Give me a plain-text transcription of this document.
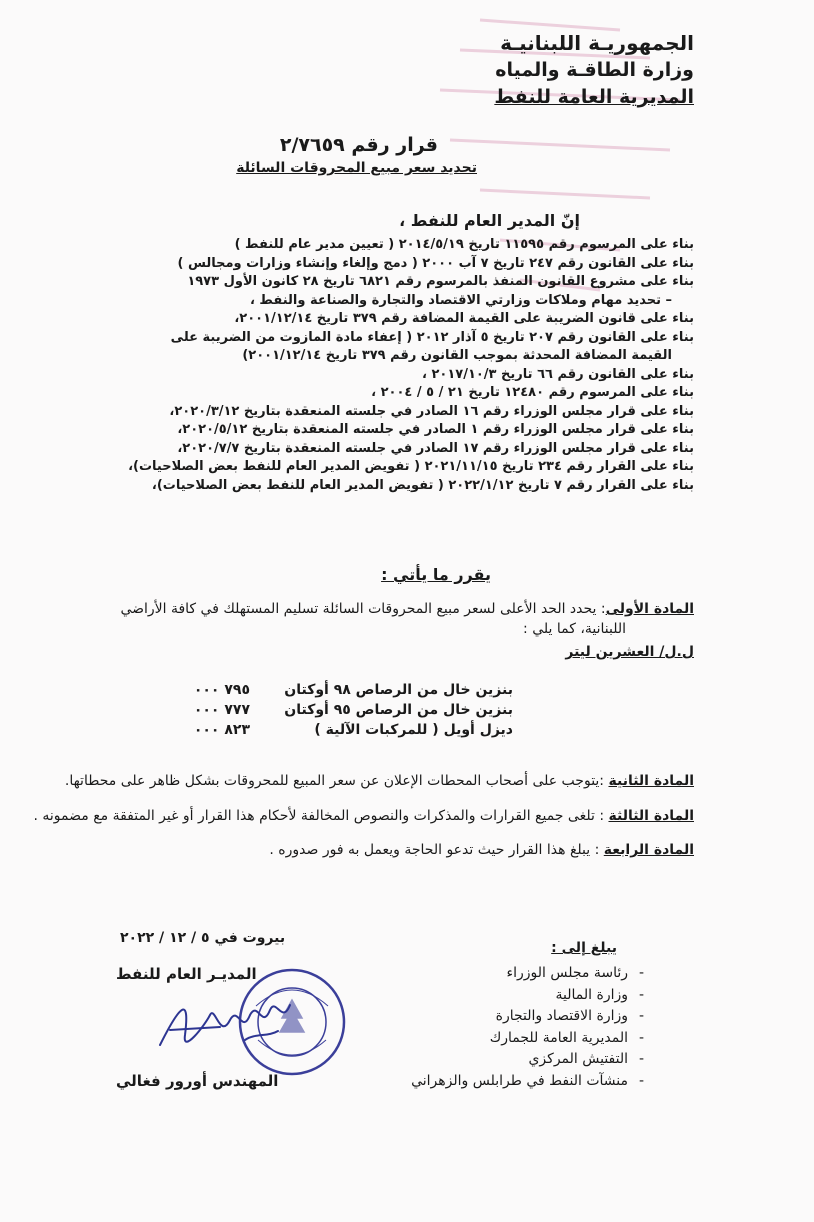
الجمهوريـة اللبنانيـة
وزارة الطاقـة والمياه
المديرية العامة للنفط
قرار رقم ٢/٧٦٥٩
تحديد سعر مبيع المحروقات السائلة
إنّ المدير العام للنفط ،
بناء على المرسوم رقم ١١٥٩٥ تاريخ ٢٠١٤/٥/١٩ ( تعيين مدير عام للنفط )
بناء على القانون رقم ٢٤٧ تاريخ ٧ آب ٢٠٠٠ ( دمج وإلغاء وإنشاء وزارات ومجالس )
بناء على مشروع القانون المنفذ بالمرسوم رقم ٦٨٢١ تاريخ ٢٨ كانون الأول ١٩٧٣
– تحديد مهام وملاكات وزارتي الاقتصاد والتجارة والصناعة والنفط ،
بناء على قانون الضريبة على القيمة المضافة رقم ٣٧٩ تاريخ ٢٠٠١/١٢/١٤،
بناء على القانون رقم ٢٠٧ تاريخ ٥ آذار ٢٠١٢ ( إعفاء مادة المازوت من الضريبة على
القيمة المضافة المحدثة بموجب القانون رقم ٣٧٩ تاريخ ٢٠٠١/١٢/١٤)
بناء على القانون رقم ٦٦ تاريخ ٢٠١٧/١٠/٣ ،
بناء على المرسوم رقم ١٢٤٨٠ تاريخ ٢١ / ٥ / ٢٠٠٤ ،
بناء على قرار مجلس الوزراء رقم ١٦ الصادر في جلسته المنعقدة بتاريخ ٢٠٢٠/٣/١٢،
بناء على قرار مجلس الوزراء رقم ١ الصادر في جلسته المنعقدة بتاريخ ٢٠٢٠/٥/١٢،
بناء على قرار مجلس الوزراء رقم ١٧ الصادر في جلسته المنعقدة بتاريخ ٢٠٢٠/٧/٧،
بناء على القرار رقم ٢٣٤ تاريخ ٢٠٢١/١١/١٥ ( تفويض المدير العام للنفط بعض الصلاحيات)،
بناء على القرار رقم ٧ تاريخ ٢٠٢٢/١/١٢ ( تفويض المدير العام للنفط بعض الصلاحيات)،
يقرر ما يأتي :
المادة الأولى: يحدد الحد الأعلى لسعر مبيع المحروقات السائلة تسليم المستهلك في كافة الأراضي
اللبنانية، كما يلي :
ل.ل/ العشرين ليتر
بنزين خال من الرصاص ٩٨ أوكتان
٧٩٥ ٠٠٠
بنزين خال من الرصاص ٩٥ أوكتان
٧٧٧ ٠٠٠
ديزل أويل ( للمركبات الآلية )
٨٢٣ ٠٠٠
المادة الثانية :يتوجب على أصحاب المحطات الإعلان عن سعر المبيع للمحروقات بشكل ظاهر على محطاتها.
المادة الثالثة : تلغى جميع القرارات والمذكرات والنصوص المخالفة لأحكام هذا القرار أو غير المتفقة مع مضمونه .
المادة الرابعة : يبلغ هذا القرار حيث تدعو الحاجة ويعمل به فور صدوره .
بيروت في ٥ / ١٢ / ٢٠٢٢
المديـر العام للنفط
المهندس أورور فغالي
يبلغ إلى :
-
رئاسة مجلس الوزراء
-
وزارة المالية
-
وزارة الاقتصاد والتجارة
-
المديرية العامة للجمارك
-
التفتيش المركزي
-
منشآت النفط في طرابلس والزهراني
